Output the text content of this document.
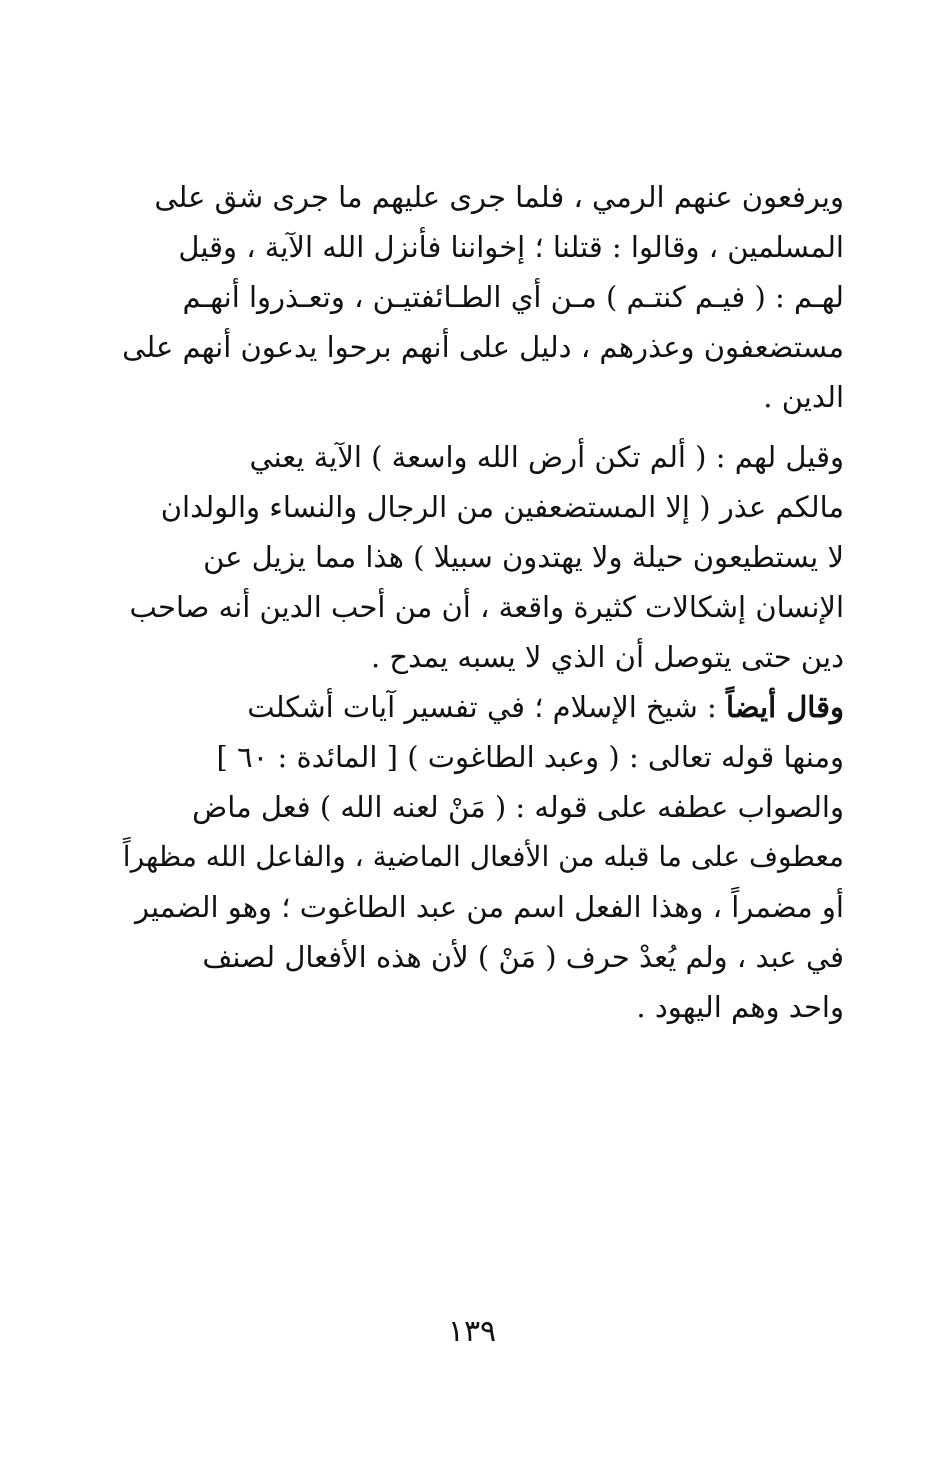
ويرفعون عنهم الرمي ، فلما جرى عليهم ما جرى شق على
المسلمين ، وقالوا : قتلنا ؛ إخواننا فأنزل الله الآية ، وقيل
لهـم : ( فيـم كنتـم ) مـن أي الطـائفتيـن ، وتعـذروا أنهـم
مستضعفون وعذرهم ، دليل على أنهم برحوا يدعون أنهم على
الدين .
وقيل لهم : ( ألم تكن أرض الله واسعة ) الآية يعني
مالكم عذر ( إلا المستضعفين من الرجال والنساء والولدان
لا يستطيعون حيلة ولا يهتدون سبيلا ) هذا مما يزيل عن
الإنسان إشكالات كثيرة واقعة ، أن من أحب الدين أنه صاحب
دين حتى يتوصل أن الذي لا يسبه يمدح .
وقال أيضاً : شيخ الإسلام ؛ في تفسير آيات أشكلت
ومنها قوله تعالى : ( وعبد الطاغوت ) [ المائدة : ٦٠ ]
والصواب عطفه على قوله : ( مَنْ لعنه الله ) فعل ماض
معطوف على ما قبله من الأفعال الماضية ، والفاعل الله مظهراً
أو مضمراً ، وهذا الفعل اسم من عبد الطاغوت ؛ وهو الضمير
في عبد ، ولم يُعدْ حرف ( مَنْ ) لأن هذه الأفعال لصنف
واحد وهم اليهود .
١٣٩
